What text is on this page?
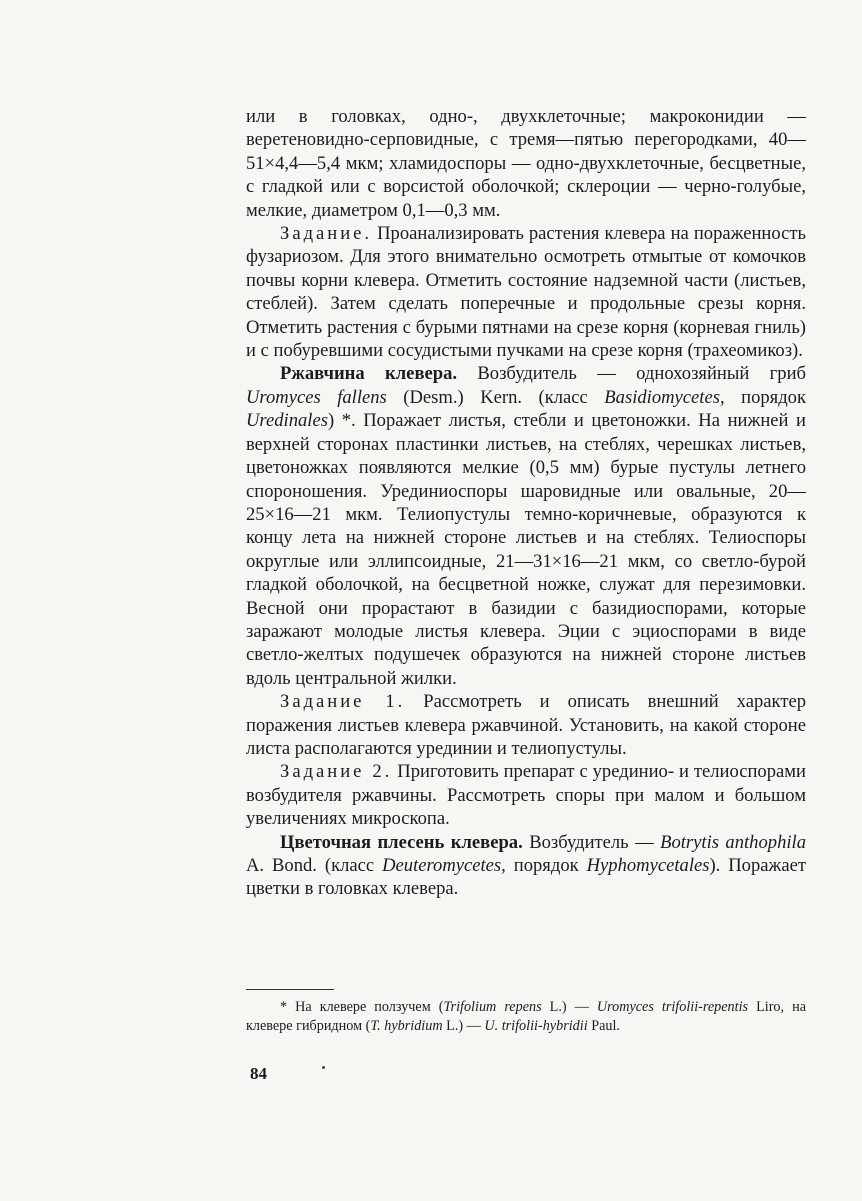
или в головках, одно-, двухклеточные; макроконидии — веретеновидно-серповидные, с тремя—пятью перегородками, 40—51×4,4—5,4 мкм; хламидоспоры — одно-двухклеточные, бесцветные, с гладкой или с ворсистой оболочкой; склероции — черно-голубые, мелкие, диаметром 0,1—0,3 мм.

Задание. Проанализировать растения клевера на пораженность фузариозом. Для этого внимательно осмотреть отмытые от комочков почвы корни клевера. Отметить состояние надземной части (листьев, стеблей). Затем сделать поперечные и продольные срезы корня. Отметить растения с бурыми пятнами на срезе корня (корневая гниль) и с побуревшими сосудистыми пучками на срезе корня (трахеомикоз).

Ржавчина клевера. Возбудитель — однохозяйный гриб Uromyces fallens (Desm.) Kern. (класс Basidiomycetes, порядок Uredinales) *. Поражает листья, стебли и цветоножки. На нижней и верхней сторонах пластинки листьев, на стеблях, черешках листьев, цветоножках появляются мелкие (0,5 мм) бурые пустулы летнего спороношения. Урединиоспоры шаровидные или овальные, 20—25×16—21 мкм. Телиопустулы темно-коричневые, образуются к концу лета на нижней стороне листьев и на стеблях. Телиоспоры округлые или эллипсоидные, 21—31×16—21 мкм, со светло-бурой гладкой оболочкой, на бесцветной ножке, служат для перезимовки. Весной они прорастают в базидии с базидиоспорами, которые заражают молодые листья клевера. Эции с эциоспорами в виде светло-желтых подушечек образуются на нижней стороне листьев вдоль центральной жилки.

Задание 1. Рассмотреть и описать внешний характер поражения листьев клевера ржавчиной. Установить, на какой стороне листа располагаются урединии и телиопустулы.

Задание 2. Приготовить препарат с урединио- и телиоспорами возбудителя ржавчины. Рассмотреть споры при малом и большом увеличениях микроскопа.

Цветочная плесень клевера. Возбудитель — Botrytis anthophila A. Bond. (класс Deuteromycetes, порядок Hyphomycetales). Поражает цветки в головках клевера.

* На клевере ползучем (Trifolium repens L.) — Uromyces trifolii-repentis Liro, на клевере гибридном (T. hybridium L.) — U. trifolii-hybridii Paul.
84
